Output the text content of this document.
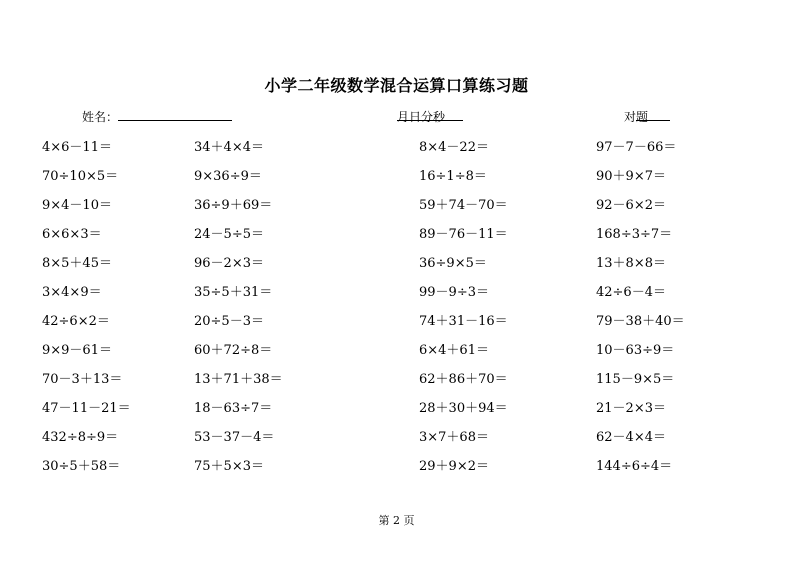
小学二年级数学混合运算口算练习题
姓名：	月
日
分
秒	对
题
4×6－11＝	34＋4×4＝	8×4－22＝	97－7－66＝
70÷10×5＝	9×36÷9＝	16÷1÷8＝	90＋9×7＝
9×4－10＝	36÷9＋69＝	59＋74－70＝	92－6×2＝
6×6×3＝	24－5÷5＝	89－76－11＝	168÷3÷7＝
8×5＋45＝	96－2×3＝	36÷9×5＝	13＋8×8＝
3×4×9＝	35÷5＋31＝	99－9÷3＝	42÷6－4＝
42÷6×2＝	20÷5－3＝	74＋31－16＝	79－38＋40＝
9×9－61＝	60＋72÷8＝	6×4＋61＝	10－63÷9＝
70－3＋13＝	13＋71＋38＝	62＋86＋70＝	115－9×5＝
47－11－21＝	18－63÷7＝	28＋30＋94＝	21－2×3＝
432÷8÷9＝	53－37－4＝	3×7＋68＝	62－4×4＝
30÷5＋58＝	75＋5×3＝	29＋9×2＝	144÷6÷4＝
第 2 页
